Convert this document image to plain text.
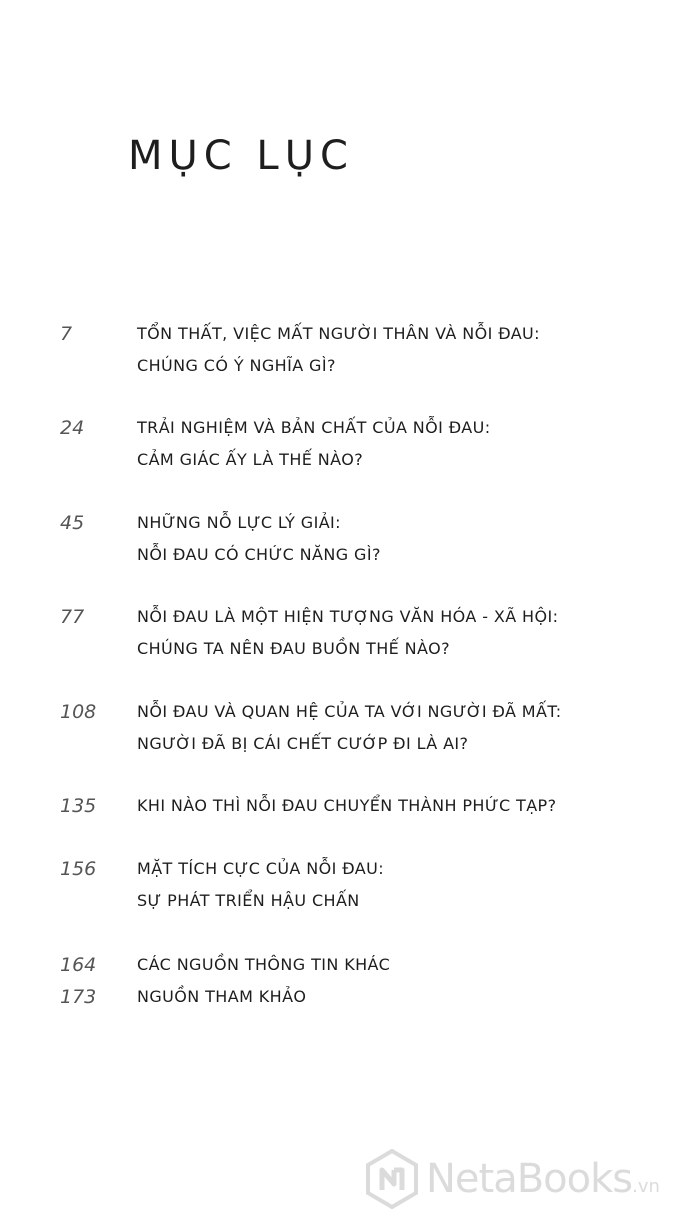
MỤC LỤC
7	TỔN THẤT, VIỆC MẤT NGƯỜI THÂN VÀ NỖI ĐAU:
CHÚNG CÓ Ý NGHĨA GÌ?
24	TRẢI NGHIỆM VÀ BẢN CHẤT CỦA NỖI ĐAU:
CẢM GIÁC ẤY LÀ THẾ NÀO?
45	NHỮNG NỖ LỰC LÝ GIẢI:
NỖI ĐAU CÓ CHỨC NĂNG GÌ?
77	NỖI ĐAU LÀ MỘT HIỆN TƯỢNG VĂN HÓA - XÃ HỘI:
CHÚNG TA NÊN ĐAU BUỒN THẾ NÀO?
108	NỖI ĐAU VÀ QUAN HỆ CỦA TA VỚI NGƯỜI ĐÃ MẤT:
NGƯỜI ĐÃ BỊ CÁI CHẾT CƯỚP ĐI LÀ AI?
135	KHI NÀO THÌ NỖI ĐAU CHUYỂN THÀNH PHỨC TẠP?
156	MẶT TÍCH CỰC CỦA NỖI ĐAU:
SỰ PHÁT TRIỂN HẬU CHẤN
164	CÁC NGUỒN THÔNG TIN KHÁC
173	NGUỒN THAM KHẢO
NetaBooks.vn
